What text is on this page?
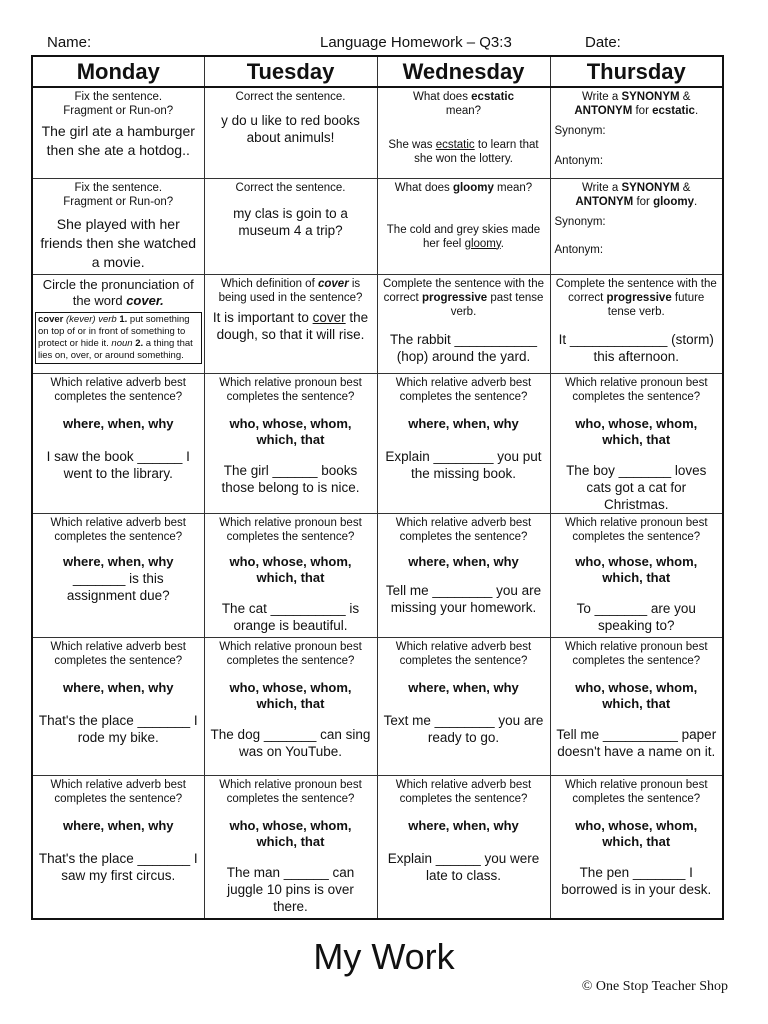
Name:	Language Homework – Q3:3	Date:
Monday	Tuesday	Wednesday	Thursday

Fix the sentence.
Fragment or Run-on?
The girl ate a hamburger then she ate a hotdog..	Correct the sentence.
y do u like to red books about animuls!	What does ecstatic
mean?
She was ecstatic to learn that she won the lottery.	Write a SYNONYM &
ANTONYM for ecstatic.
Synonym:
Antonym:

Fix the sentence.
Fragment or Run-on?
She played with her friends then she watched a movie.	Correct the sentence.
my clas is goin to a museum 4 a trip?	What does gloomy mean?
The cold and grey skies made her feel gloomy.	Write a SYNONYM &
ANTONYM for gloomy.
Synonym:
Antonym:

Circle the pronunciation of the word cover.
cover (kever) verb 1. put something on top of or in front of something to protect or hide it. noun 2. a thing that lies on, over, or around something.	Which definition of cover is being used in the sentence?
It is important to cover the dough, so that it will rise.	Complete the sentence with the correct progressive past tense verb.
The rabbit ___________ (hop) around the yard.	Complete the sentence with the correct progressive future tense verb.
It _____________ (storm) this afternoon.

Which relative adverb best completes the sentence?
where, when, why
I saw the book ______ I went to the library.	Which relative pronoun best completes the sentence?
who, whose, whom, which, that
The girl ______ books those belong to is nice.	Which relative adverb best completes the sentence?
where, when, why
Explain ________ you put the missing book.	Which relative pronoun best completes the sentence?
who, whose, whom, which, that
The boy _______ loves cats got a cat for Christmas.

Which relative adverb best completes the sentence?
where, when, why
_______ is this assignment due?	Which relative pronoun best completes the sentence?
who, whose, whom, which, that
The cat __________ is orange is beautiful.	Which relative adverb best completes the sentence?
where, when, why
Tell me ________ you are missing your homework.	Which relative pronoun best completes the sentence?
who, whose, whom, which, that
To _______ are you speaking to?

Which relative adverb best completes the sentence?
where, when, why
That's the place _______ I rode my bike.	Which relative pronoun best completes the sentence?
who, whose, whom, which, that
The dog _______ can sing was on YouTube.	Which relative adverb best completes the sentence?
where, when, why
Text me ________ you are ready to go.	Which relative pronoun best completes the sentence?
who, whose, whom, which, that
Tell me __________ paper doesn't have a name on it.

Which relative adverb best completes the sentence?
where, when, why
That's the place _______ I saw my first circus.	Which relative pronoun best completes the sentence?
who, whose, whom, which, that
The man ______ can juggle 10 pins is over there.	Which relative adverb best completes the sentence?
where, when, why
Explain ______ you were late to class.	Which relative pronoun best completes the sentence?
who, whose, whom, which, that
The pen _______ I borrowed is in your desk.
My Work
© One Stop Teacher Shop
